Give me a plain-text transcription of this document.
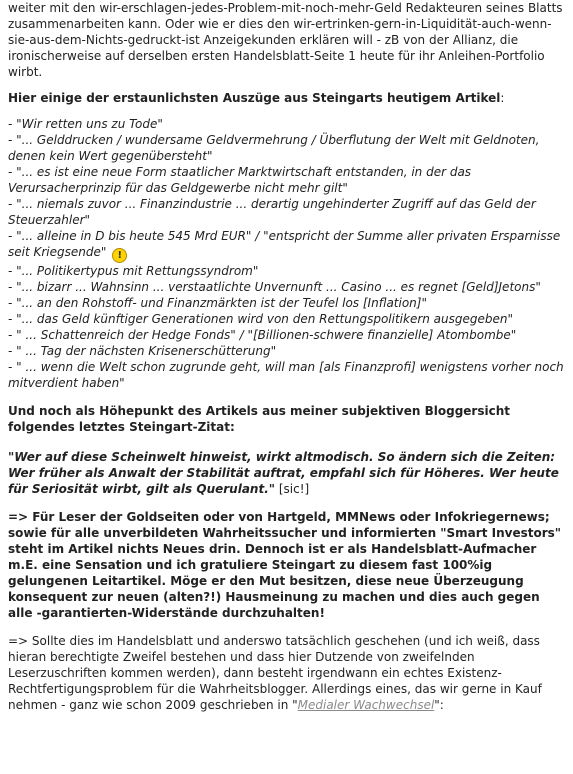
weiter mit den wir-erschlagen-jedes-Problem-mit-noch-mehr-Geld Redakteuren seines Blatts zusammenarbeiten kann. Oder wie er dies den wir-ertrinken-gern-in-Liquidität-auch-wenn-sie-aus-dem-Nichts-gedruckt-ist Anzeigekunden erklären will - zB von der Allianz, die ironischerweise auf derselben ersten Handelsblatt-Seite 1 heute für ihr Anleihen-Portfolio wirbt.

Hier einige der erstaunlichsten Auszüge aus Steingarts heutigem Artikel:

- "Wir retten uns zu Tode"
- "... Gelddrucken / wundersame Geldvermehrung / Überflutung der Welt mit Geldnoten, denen kein Wert gegenübersteht"
- "... es ist eine neue Form staatlicher Marktwirtschaft entstanden, in der das Verursacherprinzip für das Geldgewerbe nicht mehr gilt"
- "... niemals zuvor ... Finanzindustrie ... derartig ungehinderter Zugriff auf das Geld der Steuerzahler"
- "... alleine in D bis heute 545 Mrd EUR" / "entspricht der Summe aller privaten Ersparnisse seit Kriegsende" !
- "... Politikertypus mit Rettungssyndrom"
- "... bizarr ... Wahnsinn ... verstaatlichte Unvernunft ... Casino ... es regnet [Geld]Jetons"
- "... an den Rohstoff- und Finanzmärkten ist der Teufel los [Inflation]"
- "... das Geld künftiger Generationen wird von den Rettungspolitikern ausgegeben"
- " ... Schattenreich der Hedge Fonds" / "[Billionen-schwere finanzielle] Atombombe"
- " ... Tag der nächsten Krisenerschütterung"
- " ... wenn die Welt schon zugrunde geht, will man [als Finanzprofi] wenigstens vorher noch mitverdient haben"

Und noch als Höhepunkt des Artikels aus meiner subjektiven Bloggersicht folgendes letztes Steingart-Zitat:

"Wer auf diese Scheinwelt hinweist, wirkt altmodisch. So ändern sich die Zeiten: Wer früher als Anwalt der Stabilität auftrat, empfahl sich für Höheres. Wer heute für Seriosität wirbt, gilt als Querulant." [sic!]

=> Für Leser der Goldseiten oder von Hartgeld, MMNews oder Infokriegernews; sowie für alle unverbildeten Wahrheitssucher und informierten "Smart Investors" steht im Artikel nichts Neues drin. Dennoch ist er als Handelsblatt-Aufmacher m.E. eine Sensation und ich gratuliere Steingart zu diesem fast 100%ig gelungenen Leitartikel. Möge er den Mut besitzen, diese neue Überzeugung konsequent zur neuen (alten?!) Hausmeinung zu machen und dies auch gegen alle -garantierten-Widerstände durchzuhalten!

=> Sollte dies im Handelsblatt und anderswo tatsächlich geschehen (und ich weiß, dass hieran berechtigte Zweifel bestehen und dass hier Dutzende von zweifelnden Leserzuschriften kommen werden), dann besteht irgendwann ein echtes Existenz-Rechtfertigungsproblem für die Wahrheitsblogger. Allerdings eines, das wir gerne in Kauf nehmen - ganz wie schon 2009 geschrieben in "Medialer Wachwechsel":
